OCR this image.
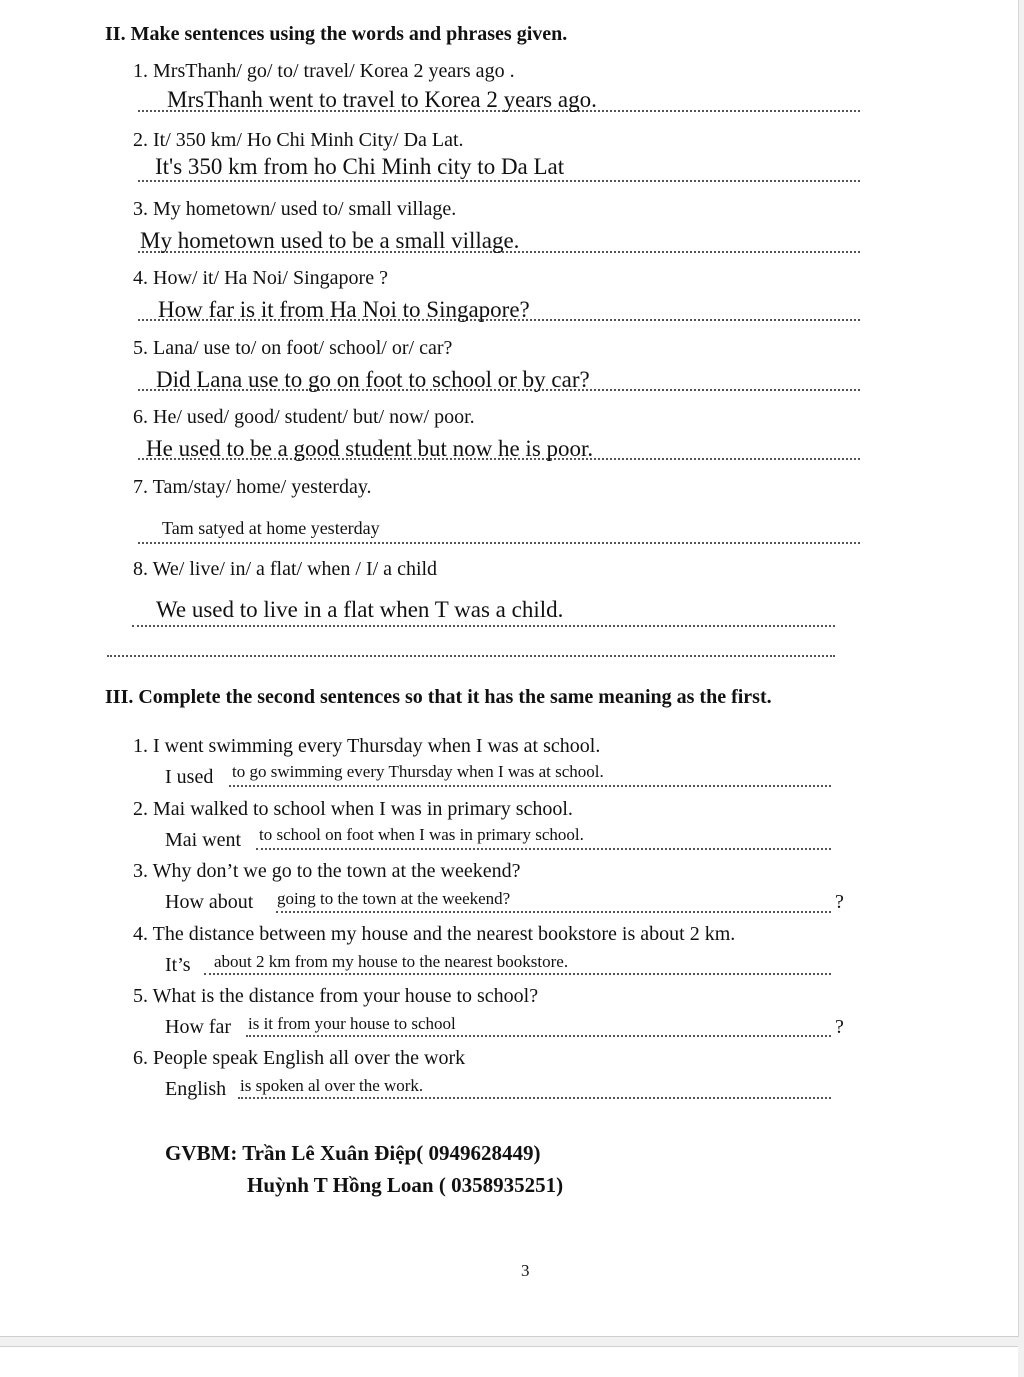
II. Make sentences using the words and phrases given.
1. MrsThanh/ go/ to/ travel/ Korea 2 years ago .
MrsThanh went to travel to Korea 2 years ago.
2. It/ 350 km/ Ho Chi Minh City/ Da Lat.
It's 350 km from ho Chi Minh city to Da Lat
3. My hometown/ used to/ small village.
My hometown used to be a small village.
4. How/ it/ Ha Noi/ Singapore ?
How far is it from Ha Noi to Singapore?
5. Lana/ use to/ on foot/ school/ or/ car?
Did Lana use to go on foot to school or by car?
6. He/ used/ good/ student/ but/ now/ poor.
He used to be a good student but now he is poor.
7. Tam/stay/ home/ yesterday.
Tam satyed at home yesterday
8. We/ live/ in/ a flat/ when / I/ a child
We used to live in a flat when T was a child.
III. Complete the second sentences so that it has the same meaning as the first.
1. I went swimming every Thursday when I was at school.
I used to go swimming every Thursday when I was at school.
2. Mai walked to school when I was in primary school.
Mai went to school on foot when I was in primary school.
3. Why don’t we go to the town at the weekend?
How about going to the town at the weekend?	?
4. The distance between my house and the nearest bookstore is about 2 km.
It’s about 2 km from my house to the nearest bookstore.
5. What is the distance from your house to school?
How far is it from your house to school	?
6. People speak English all over the work
English is spoken al over the work.
GVBM: Trần Lê Xuân Điệp( 0949628449)
Huỳnh T Hồng Loan ( 0358935251)
3
